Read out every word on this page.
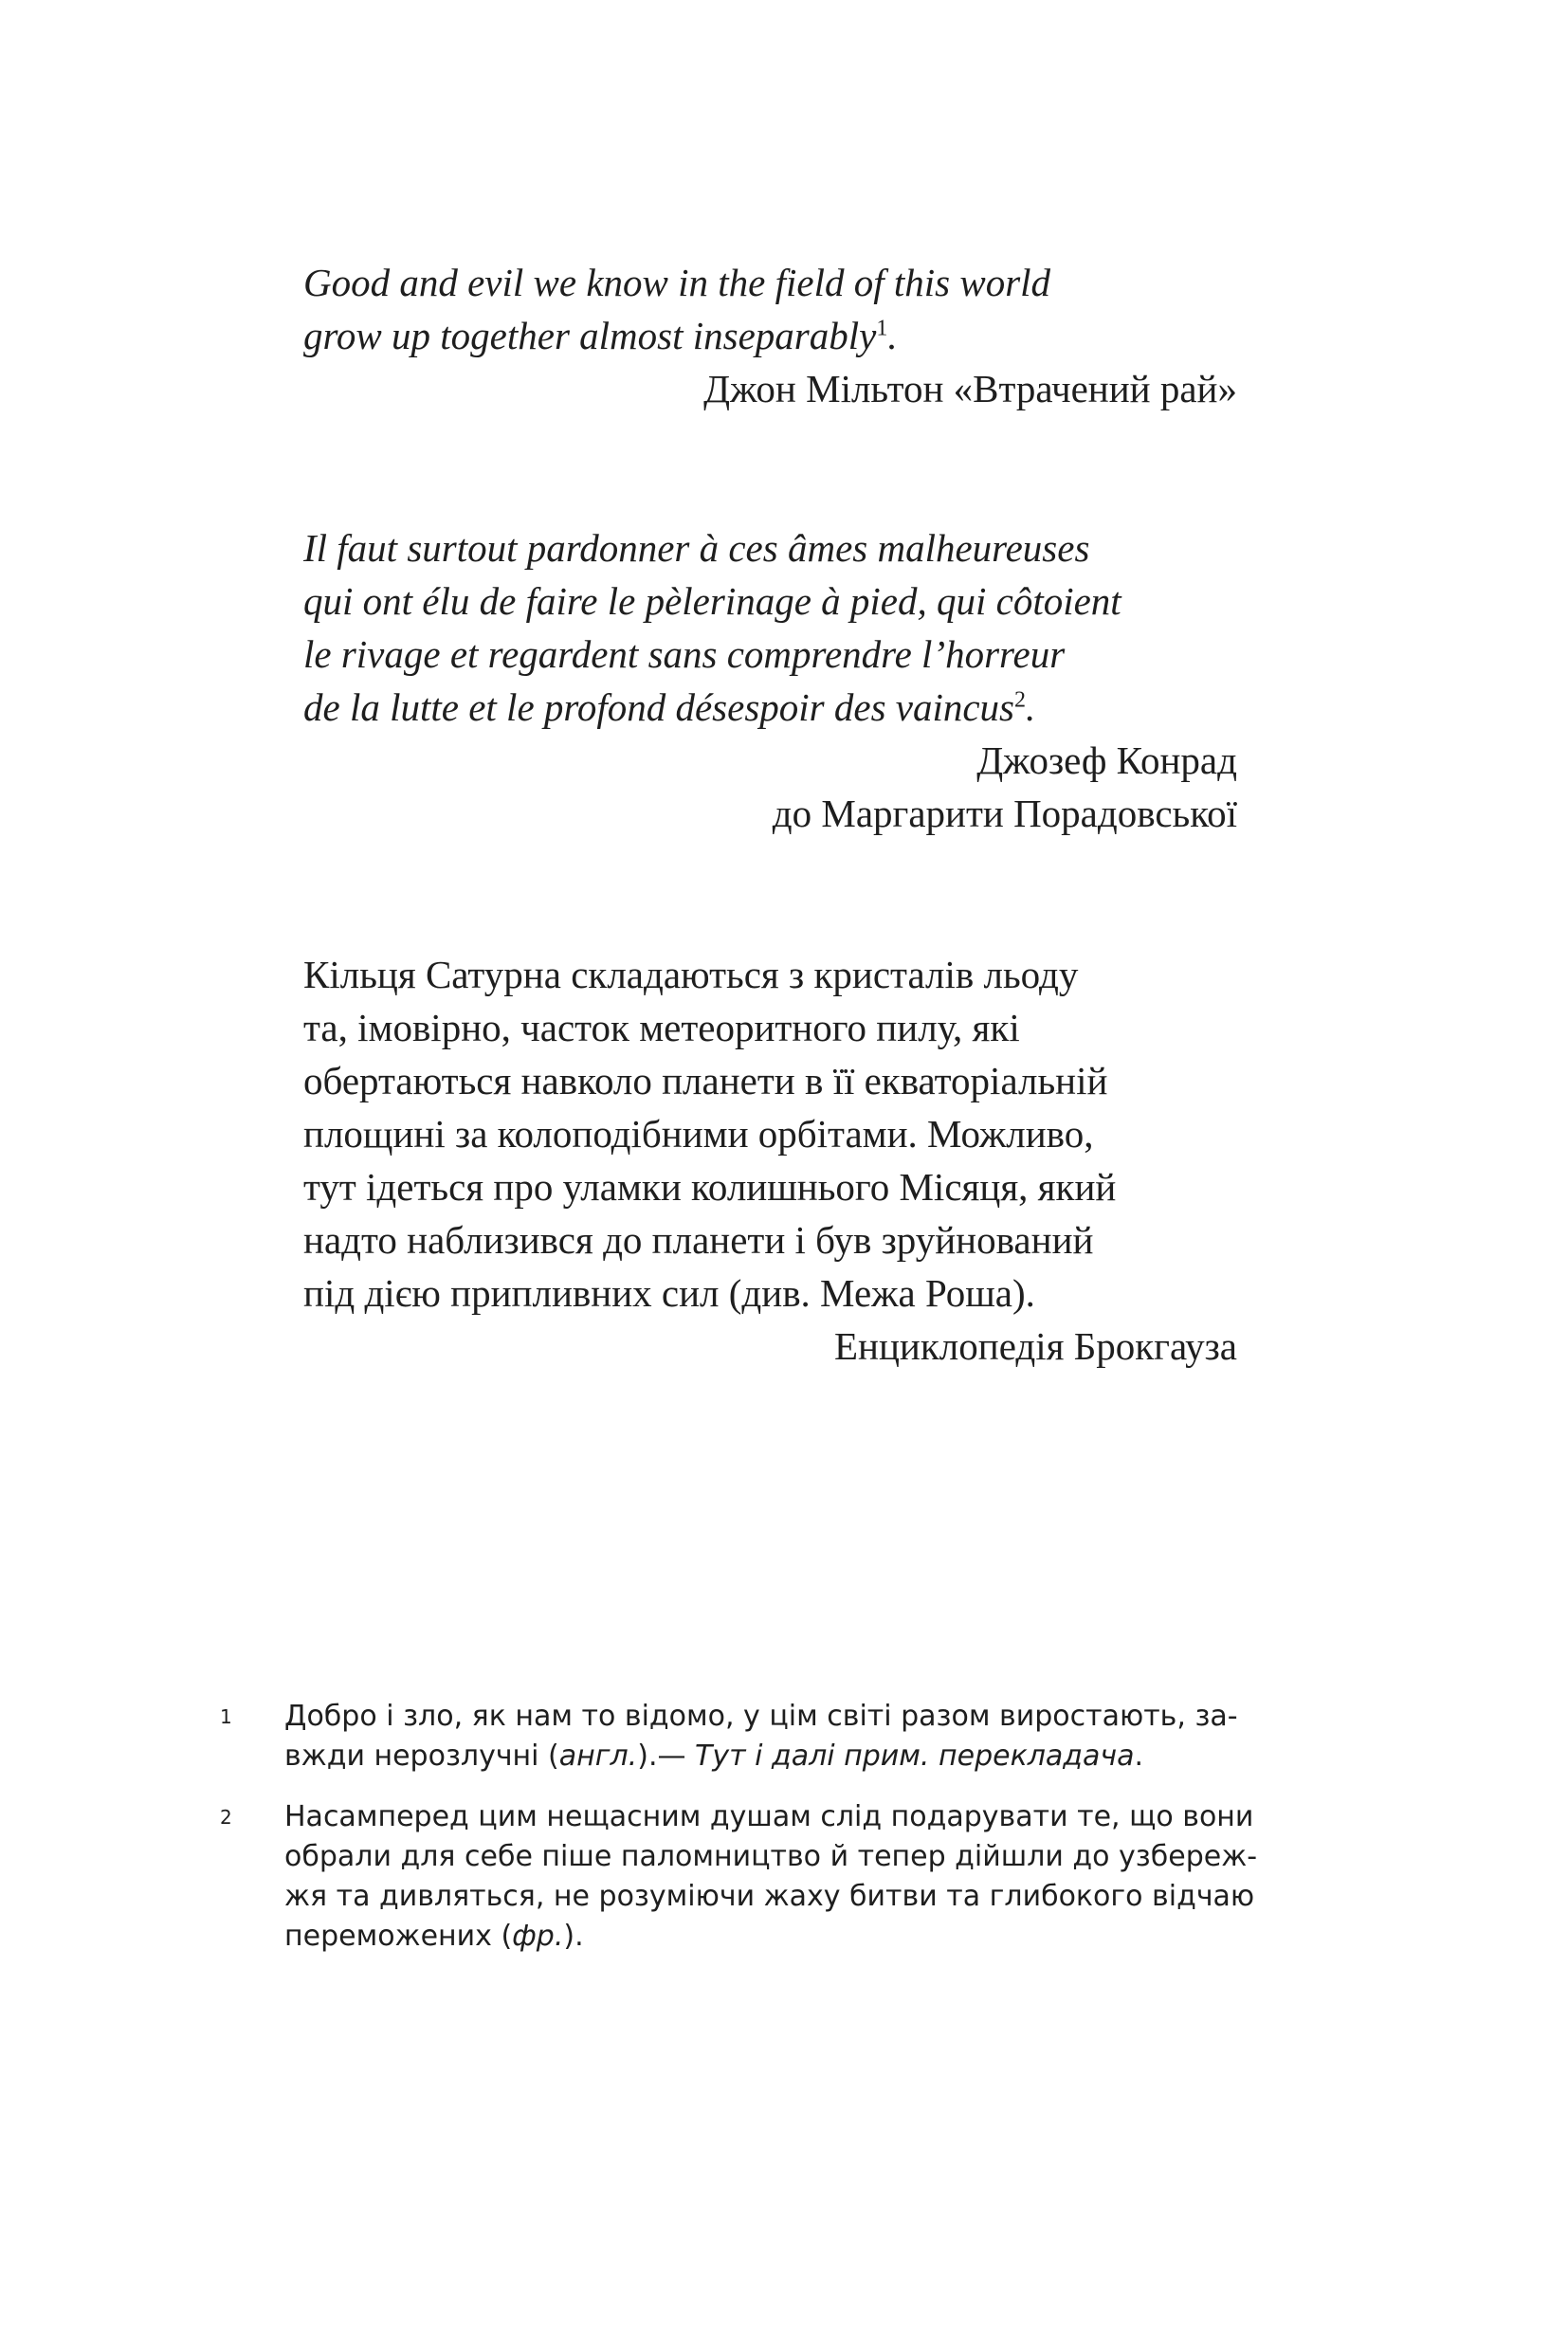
Good and evil we know in the field of this world
grow up together almost inseparably$^1$.
Джон Мільтон «Втрачений рай»
Il faut surtout pardonner à ces âmes malheureuses
qui ont élu de faire le pèlerinage à pied, qui côtoient
le rivage et regardent sans comprendre l’horreur
de la lutte et le profond désespoir des vaincus$^2$.
Джозеф Конрад
до Маргарити Порадовської
Кільця Сатурна складаються з кристалів льоду
та, імовірно, часток метеоритного пилу, які
обертаються навколо планети в її екваторіальній
площині за колоподібними орбітами. Можливо,
тут ідеться про уламки колишнього Місяця, який
надто наблизився до планети і був зруйнований
під дією припливних сил (див. Межа Роша).
Енциклопедія Брокгауза
1 Добро і зло, як нам то відомо, у цім світі разом виростають, за-
вжди нерозлучні (англ.).— Тут і далі прим. перекладача.
2 Насамперед цим нещасним душам слід подарувати те, що вони
обрали для себе піше паломництво й тепер дійшли до узбереж-
жя та дивляться, не розуміючи жаху битви та глибокого відчаю
переможених (фр.).
